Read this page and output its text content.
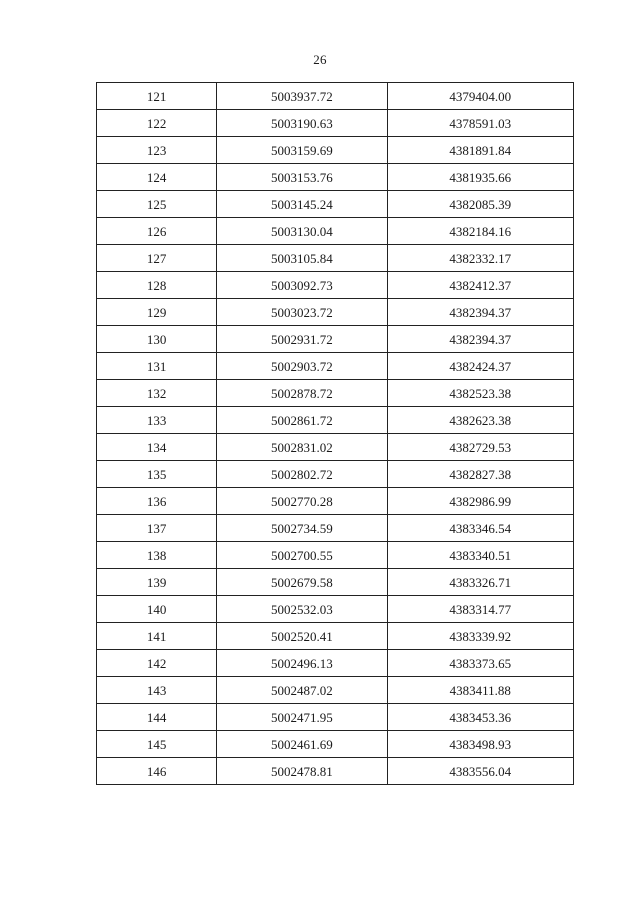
26
121	5003937.72	4379404.00
122	5003190.63	4378591.03
123	5003159.69	4381891.84
124	5003153.76	4381935.66
125	5003145.24	4382085.39
126	5003130.04	4382184.16
127	5003105.84	4382332.17
128	5003092.73	4382412.37
129	5003023.72	4382394.37
130	5002931.72	4382394.37
131	5002903.72	4382424.37
132	5002878.72	4382523.38
133	5002861.72	4382623.38
134	5002831.02	4382729.53
135	5002802.72	4382827.38
136	5002770.28	4382986.99
137	5002734.59	4383346.54
138	5002700.55	4383340.51
139	5002679.58	4383326.71
140	5002532.03	4383314.77
141	5002520.41	4383339.92
142	5002496.13	4383373.65
143	5002487.02	4383411.88
144	5002471.95	4383453.36
145	5002461.69	4383498.93
146	5002478.81	4383556.04
